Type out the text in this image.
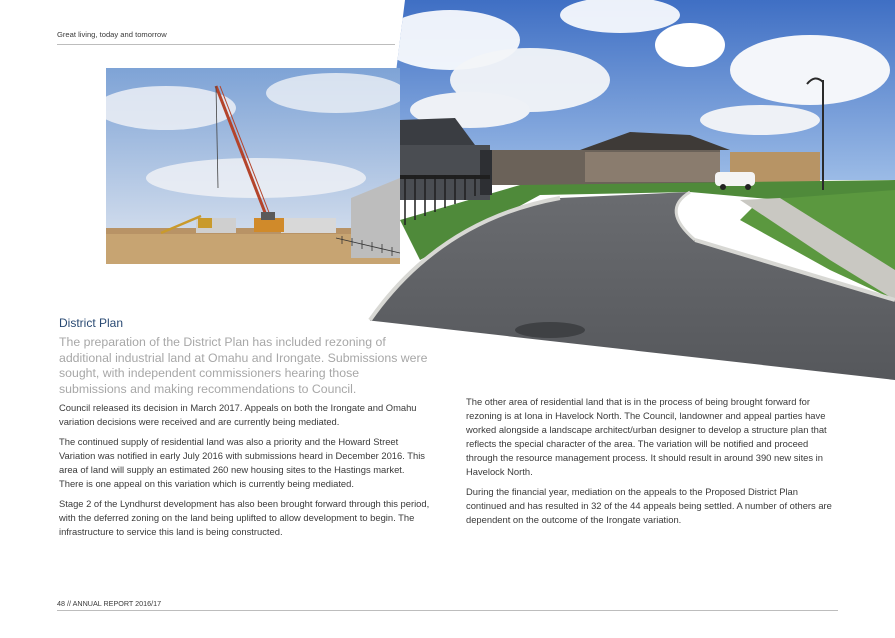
Great living, today and tomorrow
District Plan
The preparation of the District Plan has included rezoning of additional industrial land at Omahu and Irongate. Submissions were sought, with independent commissioners hearing those submissions and making recommendations to Council.

Council released its decision in March 2017. Appeals on both the Irongate and Omahu variation decisions were received and are currently being mediated.

The continued supply of residential land was also a priority and the Howard Street Variation was notified in early July 2016 with submissions heard in December 2016. This area of land will supply an estimated 260 new housing sites to the Hastings market. There is one appeal on this variation which is currently being mediated.

Stage 2 of the Lyndhurst development has also been brought forward through this period, with the deferred zoning on the land being uplifted to allow development to begin. The infrastructure to service this land is being constructed.

The other area of residential land that is in the process of being brought forward for rezoning is at Iona in Havelock North. The Council, landowner and appeal parties have worked alongside a landscape architect/urban designer to develop a structure plan that reflects the special character of the area. The variation will be notified and proceed through the resource management process. It should result in around 390 new sites in Havelock North.

During the financial year, mediation on the appeals to the Proposed District Plan continued and has resulted in 32 of the 44 appeals being settled. A number of others are dependent on the outcome of the Irongate variation.

48 // ANNUAL REPORT 2016/17
